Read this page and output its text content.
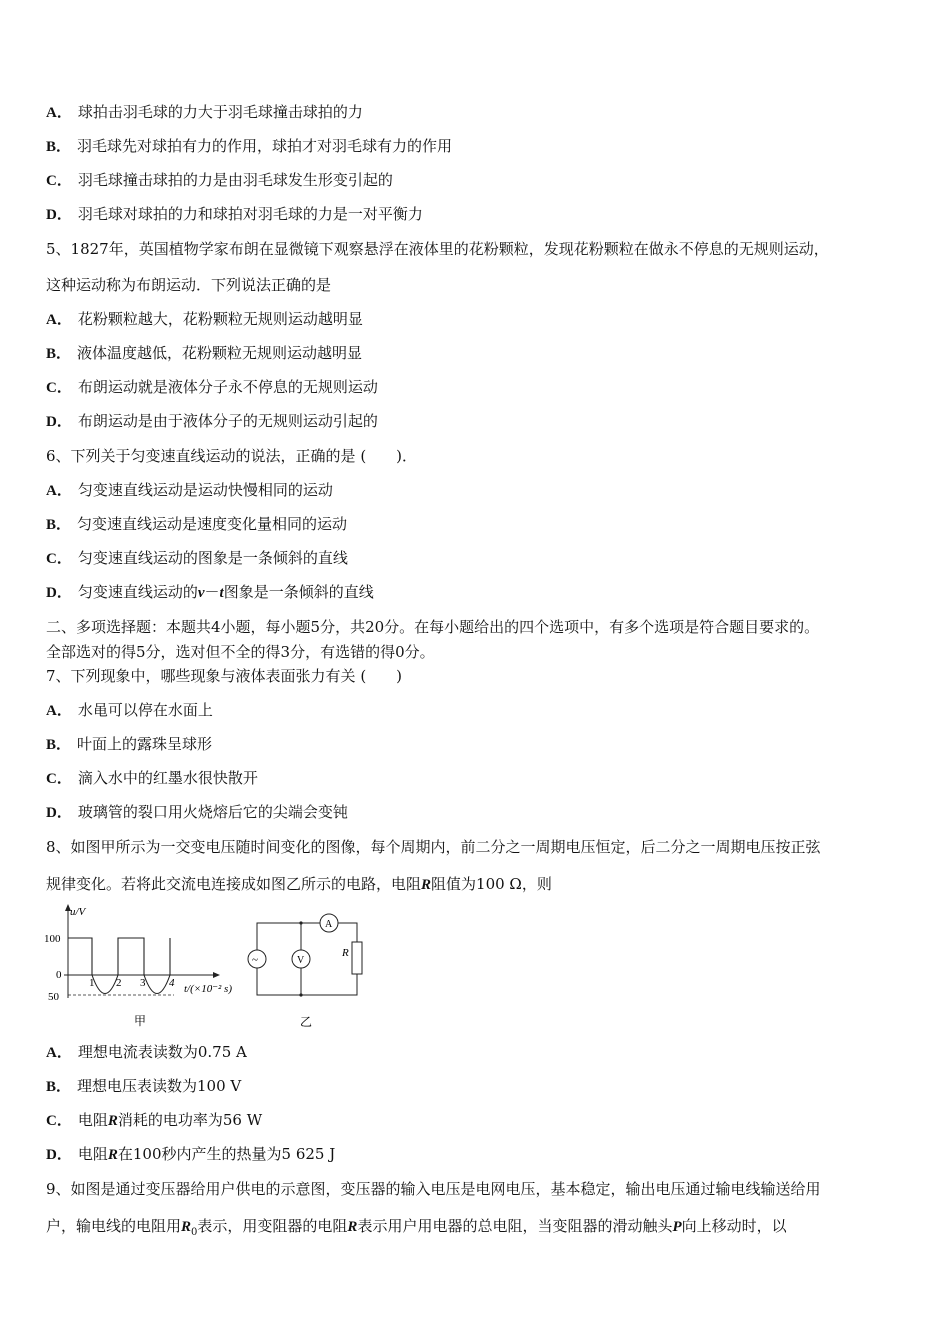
A． 球拍击羽毛球的力大于羽毛球撞击球拍的力
B． 羽毛球先对球拍有力的作用，球拍才对羽毛球有力的作用
C． 羽毛球撞击球拍的力是由羽毛球发生形变引起的
D． 羽毛球对球拍的力和球拍对羽毛球的力是一对平衡力
5、1827年，英国植物学家布朗在显微镜下观察悬浮在液体里的花粉颗粒，发现花粉颗粒在做永不停息的无规则运动，
这种运动称为布朗运动．下列说法正确的是
A． 花粉颗粒越大，花粉颗粒无规则运动越明显
B． 液体温度越低，花粉颗粒无规则运动越明显
C． 布朗运动就是液体分子永不停息的无规则运动
D． 布朗运动是由于液体分子的无规则运动引起的
6、下列关于匀变速直线运动的说法，正确的是 (　　)．
A． 匀变速直线运动是运动快慢相同的运动
B． 匀变速直线运动是速度变化量相同的运动
C． 匀变速直线运动的图象是一条倾斜的直线
D． 匀变速直线运动的v－t图象是一条倾斜的直线
二、多项选择题：本题共4小题，每小题5分，共20分。在每小题给出的四个选项中，有多个选项是符合题目要求的。
全部选对的得5分，选对但不全的得3分，有选错的得0分。
7、下列现象中，哪些现象与液体表面张力有关 (　　)
A． 水黾可以停在水面上
B． 叶面上的露珠呈球形
C． 滴入水中的红墨水很快散开
D． 玻璃管的裂口用火烧熔后它的尖端会变钝
8、如图甲所示为一交变电压随时间变化的图像，每个周期内，前二分之一周期电压恒定，后二分之一周期电压按正弦
规律变化。若将此交流电连接成如图乙所示的电路，电阻R阻值为100 Ω，则
u/V
100
0
50
1 2 3 4 t/(×10⁻² s)
甲
~	V
A
R
乙
A． 理想电流表读数为0.75 A
B． 理想电压表读数为100 V
C． 电阻R消耗的电功率为56 W
D． 电阻R在100秒内产生的热量为5 625 J
9、如图是通过变压器给用户供电的示意图，变压器的输入电压是电网电压，基本稳定，输出电压通过输电线输送给用
户，输电线的电阻用$R_0$表示，用变阻器的电阻R表示用户用电器的总电阻，当变阻器的滑动触头P向上移动时，以
